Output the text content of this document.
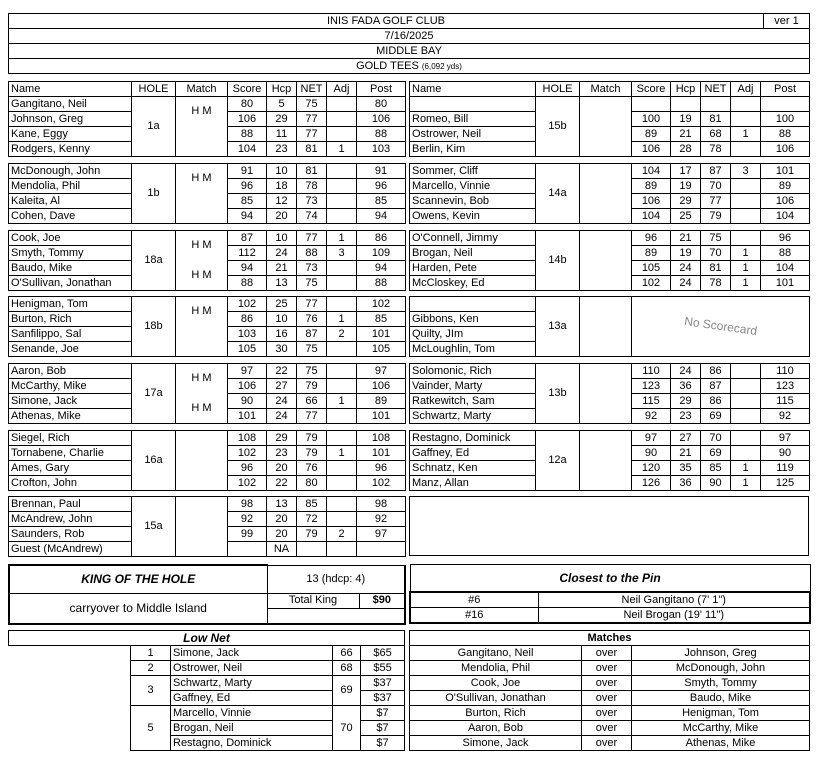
INIS FADA GOLF CLUB	ver 1
7/16/2025
MIDDLE BAY
GOLD TEES (6,092 yds)
Name	HOLE	Match	Score	Hcp	NET	Adj	Post
Gangitano, Neil	1a	H M	80	5	75		80
Johnson, Greg			106	29	77		106
Kane, Eggy			88	11	77		88
Rodgers, Kenny			104	23	81	1	103
McDonough, John	1b	H M	91	10	81		91
Mendolia, Phil			96	18	78		96
Kaleita, Al			85	12	73		85
Cohen, Dave			94	20	74		94
Cook, Joe	18a	H M	87	10	77	1	86
Smyth, Tommy			112	24	88	3	109
Baudo, Mike		H M	94	21	73		94
O'Sullivan, Jonathan			88	13	75		88
Henigman, Tom	18b	H M	102	25	77		102
Burton, Rich			86	10	76	1	85
Sanfilippo, Sal			103	16	87	2	101
Senande, Joe			105	30	75		105
Aaron, Bob	17a	H M	97	22	75		97
McCarthy, Mike			106	27	79		106
Simone, Jack		H M	90	24	66	1	89
Athenas, Mike			101	24	77		101
Siegel, Rich	16a		108	29	79		108
Tornabene, Charlie			102	23	79	1	101
Ames, Gary			96	20	76		96
Crofton, John			102	22	80		102
Brennan, Paul	15a		98	13	85		98
McAndrew, John			92	20	72		92
Saunders, Rob			99	20	79	2	97
Guest (McAndrew)				NA			
Name	HOLE	Match	Score	Hcp	NET	Adj	Post
	15b						
Romeo, Bill			100	19	81		100
Ostrower, Neil			89	21	68	1	88
Berlin, Kim			106	28	78		106
Sommer, Cliff	14a		104	17	87	3	101
Marcello, Vinnie			89	19	70		89
Scannevin, Bob			106	29	77		106
Owens, Kevin			104	25	79		104
O'Connell, Jimmy	14b		96	21	75		96
Brogan, Neil			89	19	70	1	88
Harden, Pete			105	24	81	1	104
McCloskey, Ed			102	24	78	1	101
	13a		No Scorecard
Gibbons, Ken
Quilty, JIm
McLoughlin, Tom
Solomonic, Rich	13b		110	24	86		110
Vainder, Marty			123	36	87		123
Ratkewitch, Sam			115	29	86		115
Schwartz, Marty			92	23	69		92
Restagno, Dominick	12a		97	27	70		97
Gaffney, Ed			90	21	69		90
Schnatz, Ken			120	35	85	1	119
Manz, Allan			126	36	90	1	125
KING OF THE HOLE	13 (hdcp: 4)	
carryover to Middle Island	Total King	$90

Closest to the Pin	
#6	Neil Gangitano (7' 1")
#16	Neil Brogan (19' 11")
Low Net				
	1	Simone, Jack	66	$65
	2	Ostrower, Neil	68	$55
	3	Schwartz, Marty	69	$37
		Gaffney, Ed		$37
	5	Marcello, Vinnie	70	$7
		Brogan, Neil		$7
		Restagno, Dominick		$7
Matches		
Gangitano, Neil	over	Johnson, Greg
Mendolia, Phil	over	McDonough, John
Cook, Joe	over	Smyth, Tommy
O'Sullivan, Jonathan	over	Baudo, Mike
Burton, Rich	over	Henigman, Tom
Aaron, Bob	over	McCarthy, Mike
Simone, Jack	over	Athenas, Mike
